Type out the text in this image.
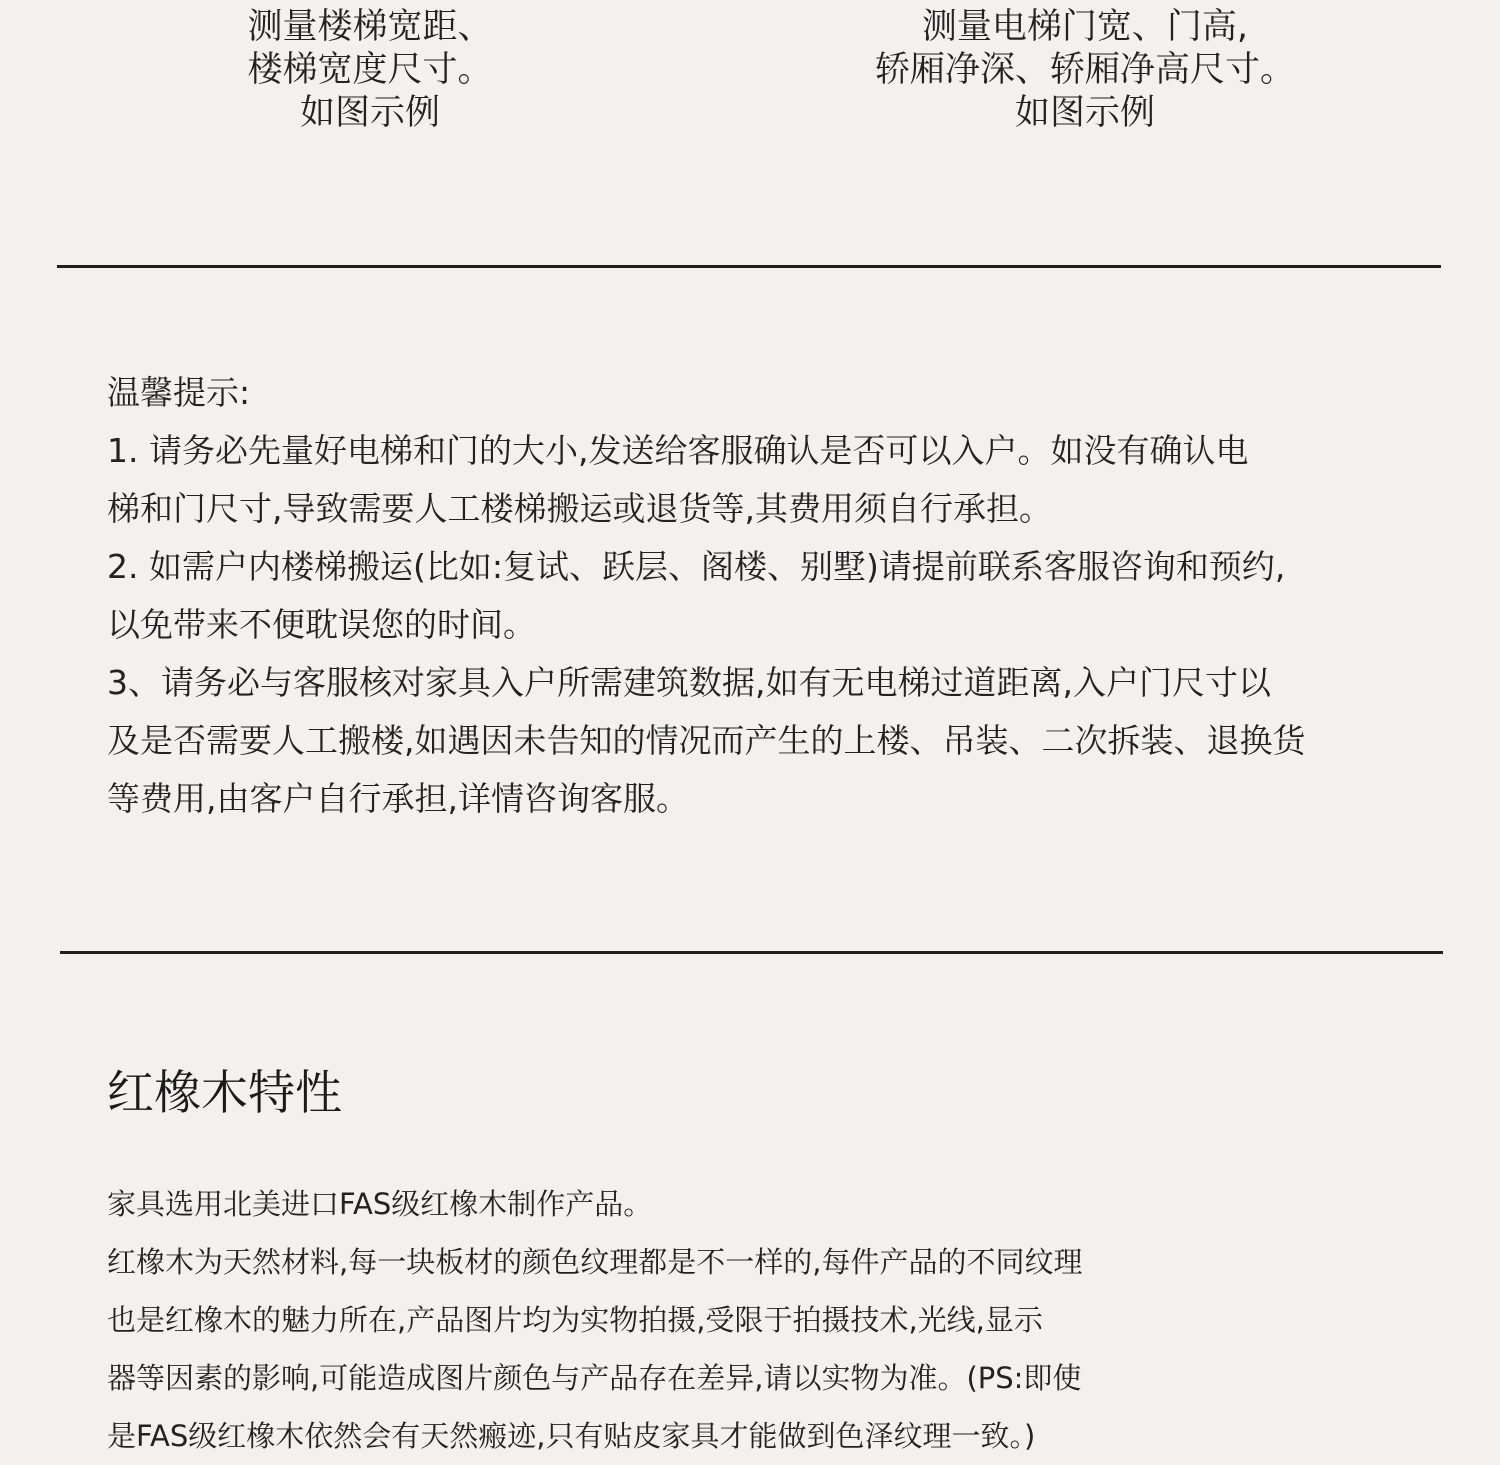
测量楼梯宽距、
楼梯宽度尺寸。
如图示例
测量电梯门宽、门高,
轿厢净深、轿厢净高尺寸。
如图示例
温馨提示:
1. 请务必先量好电梯和门的大小,发送给客服确认是否可以入户。如没有确认电
梯和门尺寸,导致需要人工楼梯搬运或退货等,其费用须自行承担。
2. 如需户内楼梯搬运(比如:复试、跃层、阁楼、别墅)请提前联系客服咨询和预约,
以免带来不便耽误您的时间。
3、请务必与客服核对家具入户所需建筑数据,如有无电梯过道距离,入户门尺寸以
及是否需要人工搬楼,如遇因未告知的情况而产生的上楼、吊装、二次拆装、退换货
等费用,由客户自行承担,详情咨询客服。
红橡木特性
家具选用北美进口FAS级红橡木制作产品。
红橡木为天然材料,每一块板材的颜色纹理都是不一样的,每件产品的不同纹理
也是红橡木的魅力所在,产品图片均为实物拍摄,受限于拍摄技术,光线,显示
器等因素的影响,可能造成图片颜色与产品存在差异,请以实物为准。(PS:即使
是FAS级红橡木依然会有天然瘢迹,只有贴皮家具才能做到色泽纹理一致。)
